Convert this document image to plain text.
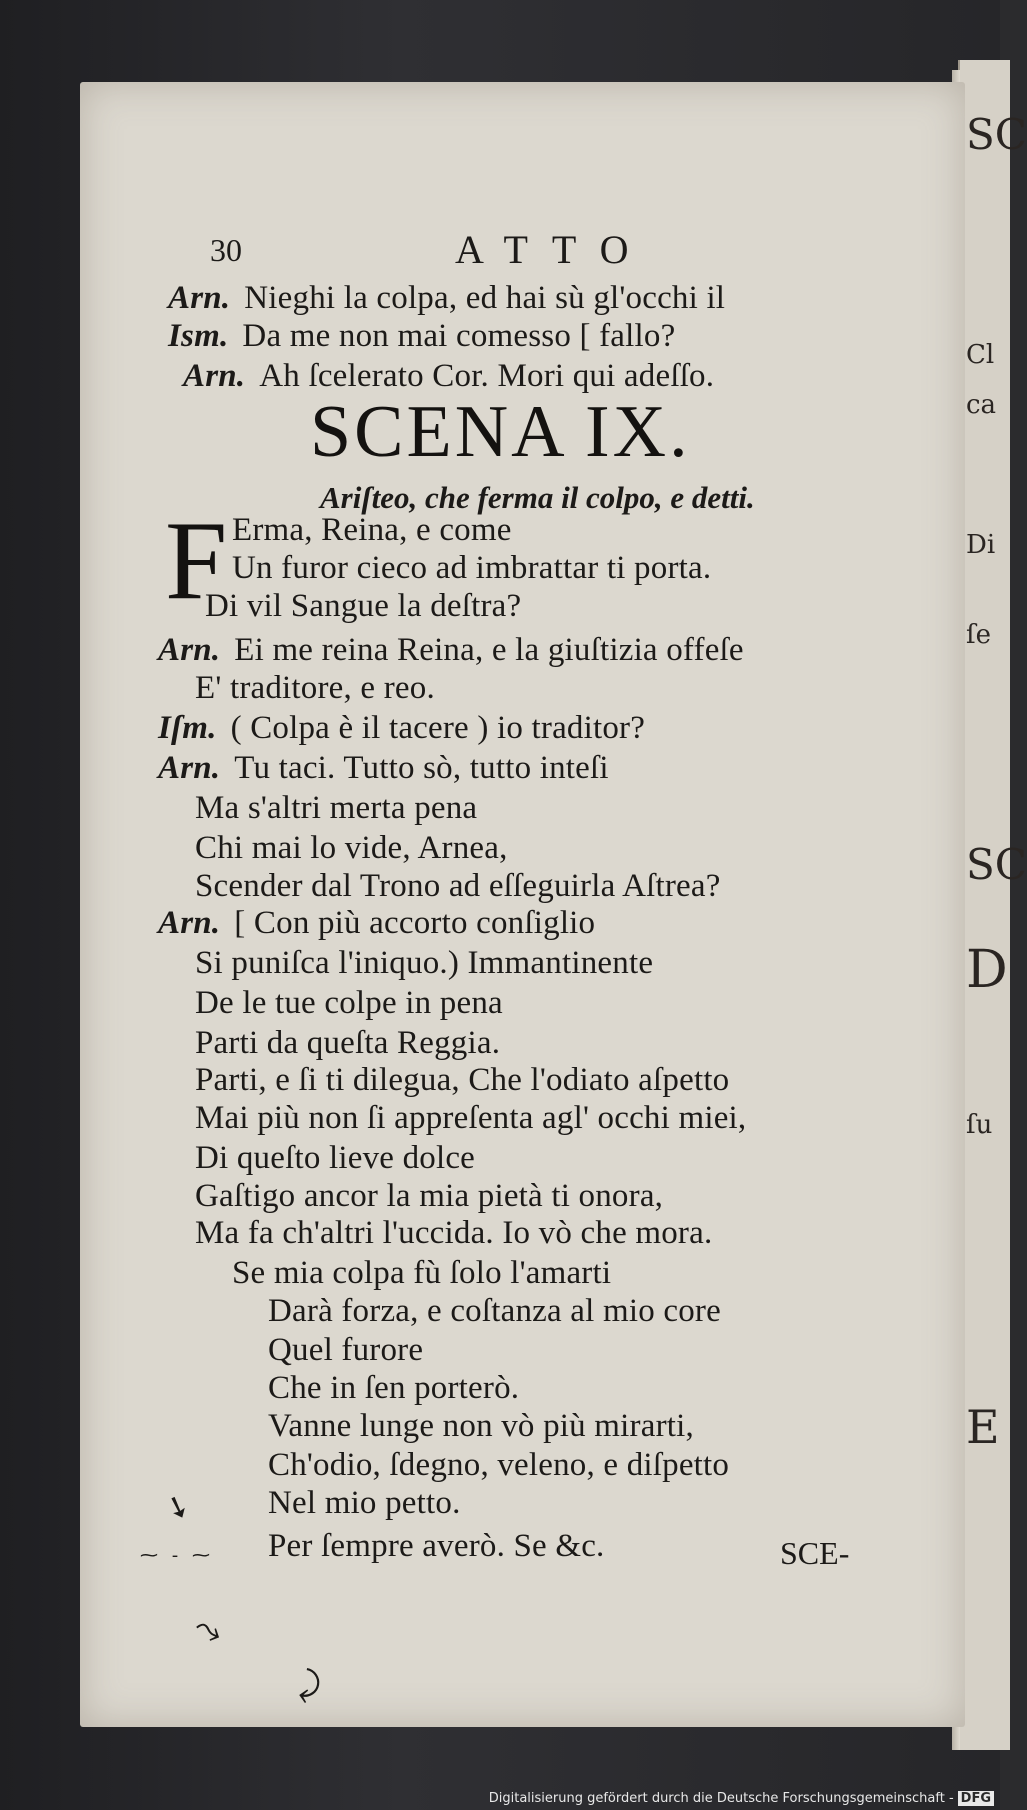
SC
Cl
ca
Di
ſe
SC
D
ſu
E
30	ATTO
Arn. Nieghi la colpa, ed hai sù gl'occhi il
Ism. Da me non mai comesso [ fallo?
Arn. Ah ſcelerato Cor. Mori qui adeſſo.
SCENA IX.
Ariſteo, che ferma il colpo, e detti.
F Erma, Reina, e come
Un furor cieco ad imbrattar ti porta.
Di vil Sangue la deſtra?
Arn. Ei me reina Reina, e la giuſtizia offeſe
E' traditore, e reo.
Iſm. ( Colpa è il tacere ) io traditor?
Arn. Tu taci. Tutto sò, tutto inteſi
Ma s'altri merta pena
Chi mai lo vide, Arnea,
Scender dal Trono ad eſſeguirla Aſtrea?
Arn. [ Con più accorto conſiglio
Si puniſca l'iniquo.) Immantinente
De le tue colpe in pena
Parti da queſta Reggia.
Parti, e ſi ti dilegua, Che l'odiato aſpetto
Mai più non ſi appreſenta agl' occhi miei,
Di queſto lieve dolce
Gaſtigo ancor la mia pietà ti onora,
Ma fa ch'altri l'uccida. Io vò che mora.
Se mia colpa fù ſolo l'amarti
Darà forza, e coſtanza al mio core
Quel furore
Che in ſen porterò.
Vanne lunge non vò più mirarti,
Ch'odio, ſdegno, veleno, e diſpetto
Nel mio petto.
Per ſempre averò. Se &c.	SCE-
➘
⁓ ‐ ⁓
⤳
⤸
Digitalisierung gefördert durch die Deutsche Forschungsgemeinschaft - DFG
